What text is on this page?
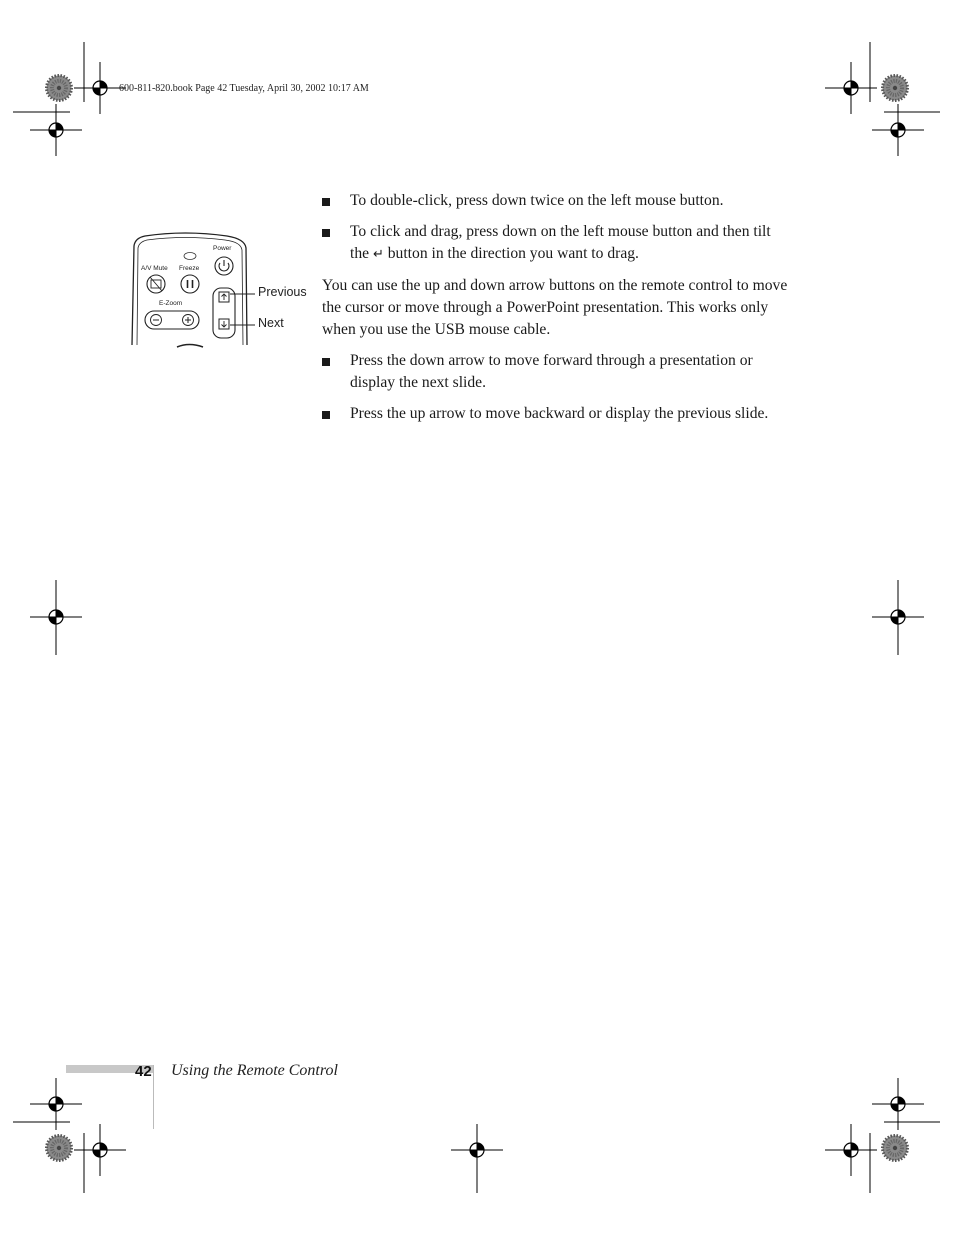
600-811-820.book Page 42 Tuesday, April 30, 2002 10:17 AM
Power
A/V Mute Freeze
E-Zoom
Previous
Next
To double-click, press down twice on the left mouse button.
To click and drag, press down on the left mouse button and then tilt the ↵ button in the direction you want to drag.

You can use the up and down arrow buttons on the remote control to move the cursor or move through a PowerPoint presentation. This works only when you use the USB mouse cable.

Press the down arrow to move forward through a presentation or display the next slide.
Press the up arrow to move backward or display the previous slide.
42 Using the Remote Control
